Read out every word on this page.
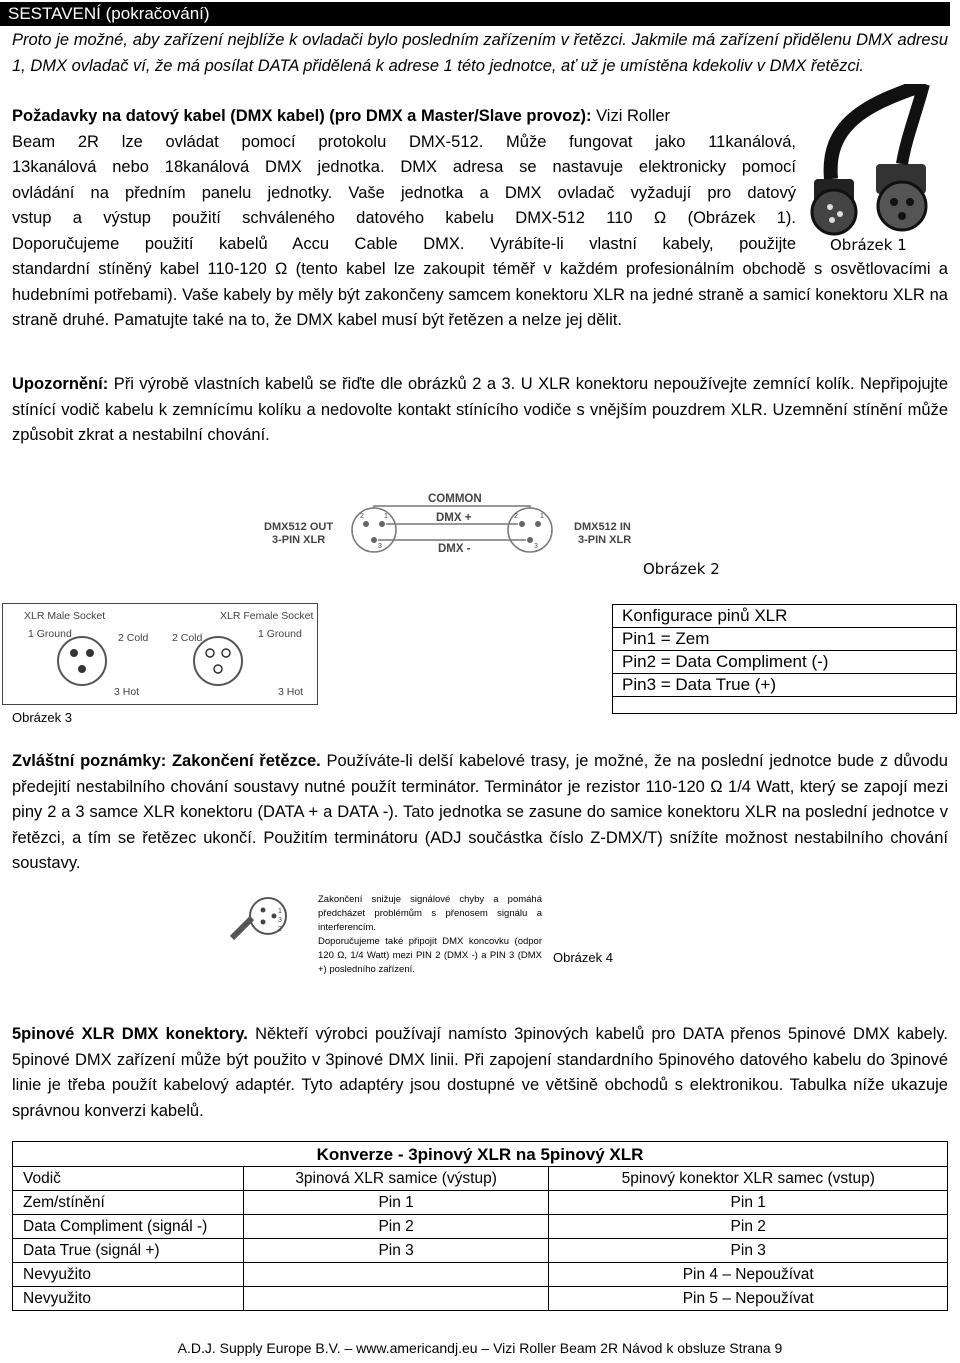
SESTAVENÍ (pokračování)

Proto je možné, aby zařízení nejblíže k ovladači bylo posledním zařízením v řetězci. Jakmile má zařízení přidělenu DMX adresu 1, DMX ovladač ví, že má posílat DATA přidělená k adrese 1 této jednotce, ať už je umístěna kdekoliv v DMX řetězci.

Požadavky na datový kabel (DMX kabel) (pro DMX a Master/Slave provoz): Vizi Roller
Beam 2R lze ovládat pomocí protokolu DMX-512. Může fungovat jako 11kanálová,
13kanálová nebo 18kanálová DMX jednotka. DMX adresa se nastavuje elektronicky pomocí
ovládání na předním panelu jednotky. Vaše jednotka a DMX ovladač vyžadují pro datový
vstup a výstup použití schváleného datového kabelu DMX-512 110 Ω (Obrázek 1).
Doporučujeme použití kabelů Accu Cable DMX. Vyrábíte-li vlastní kabely, použijte

standardní stíněný kabel 110-120 Ω (tento kabel lze zakoupit téměř v každém profesionálním obchodě s osvětlovacími a hudebními potřebami). Vaše kabely by měly být zakončeny samcem konektoru XLR na jedné straně a samicí konektoru XLR na straně druhé. Pamatujte také na to, že DMX kabel musí být řetězen a nelze jej dělit.

Obrázek 1

Upozornění: Při výrobě vlastních kabelů se řiďte dle obrázků 2 a 3. U XLR konektoru nepoužívejte zemnící kolík. Nepřipojujte stínící vodič kabelu k zemnícímu kolíku a nedovolte kontakt stínícího vodiče s vnějším pouzdrem XLR. Uzemnění stínění může způsobit zkrat a nestabilní chování.

COMMON
DMX512 OUT
3-PIN XLR
DMX512 IN
3-PIN XLR
2	1
3
1
2
3
DMX +
DMX -
Obrázek 2
XLR Male Socket	XLR Female Socket
1 Ground	2 Cold
3 Hot
2 Cold	1 Ground
3 Hot
Obrázek 3
Konfigurace pinů XLR
Pin1 = Zem
Pin2 = Data Compliment (-)
Pin3 = Data True (+)

Zvláštní poznámky: Zakončení řetězce. Používáte-li delší kabelové trasy, je možné, že na poslední jednotce bude z důvodu předejití nestabilního chování soustavy nutné použít terminátor. Terminátor je rezistor 110-120 Ω 1/4 Watt, který se zapojí mezi piny 2 a 3 samce XLR konektoru (DATA + a DATA -). Tato jednotka se zasune do samice konektoru XLR na poslední jednotce v řetězci, a tím se řetězec ukončí. Použitím terminátoru (ADJ součástka číslo Z-DMX/T) snížíte možnost nestabilního chování soustavy.

1
3
2
Zakončení snižuje signálové chyby a pomáhá předcházet problémům s přenosem signálu a interferencím.
Doporučujeme také připojit DMX koncovku (odpor 120 Ω, 1/4 Watt) mezi PIN 2 (DMX -) a PIN 3 (DMX +) posledního zařízení.
Obrázek 4

5pinové XLR DMX konektory. Někteří výrobci používají namísto 3pinových kabelů pro DATA přenos 5pinové DMX kabely. 5pinové DMX zařízení může být použito v 3pinové DMX linii. Při zapojení standardního 5pinového datového kabelu do 3pinové linie je třeba použít kabelový adaptér. Tyto adaptéry jsou dostupné ve většině obchodů s elektronikou. Tabulka níže ukazuje správnou konverzi kabelů.

Konverze - 3pinový XLR na 5pinový XLR		
Vodič	3pinová XLR samice (výstup)	5pinový konektor XLR samec (vstup)
Zem/stínění	Pin 1	Pin 1
Data Compliment (signál -)	Pin 2	Pin 2
Data True (signál +)	Pin 3	Pin 3
Nevyužito		Pin 4 – Nepoužívat
Nevyužito		Pin 5 – Nepoužívat
A.D.J. Supply Europe B.V. – www.americandj.eu – Vizi Roller Beam 2R Návod k obsluze Strana 9
